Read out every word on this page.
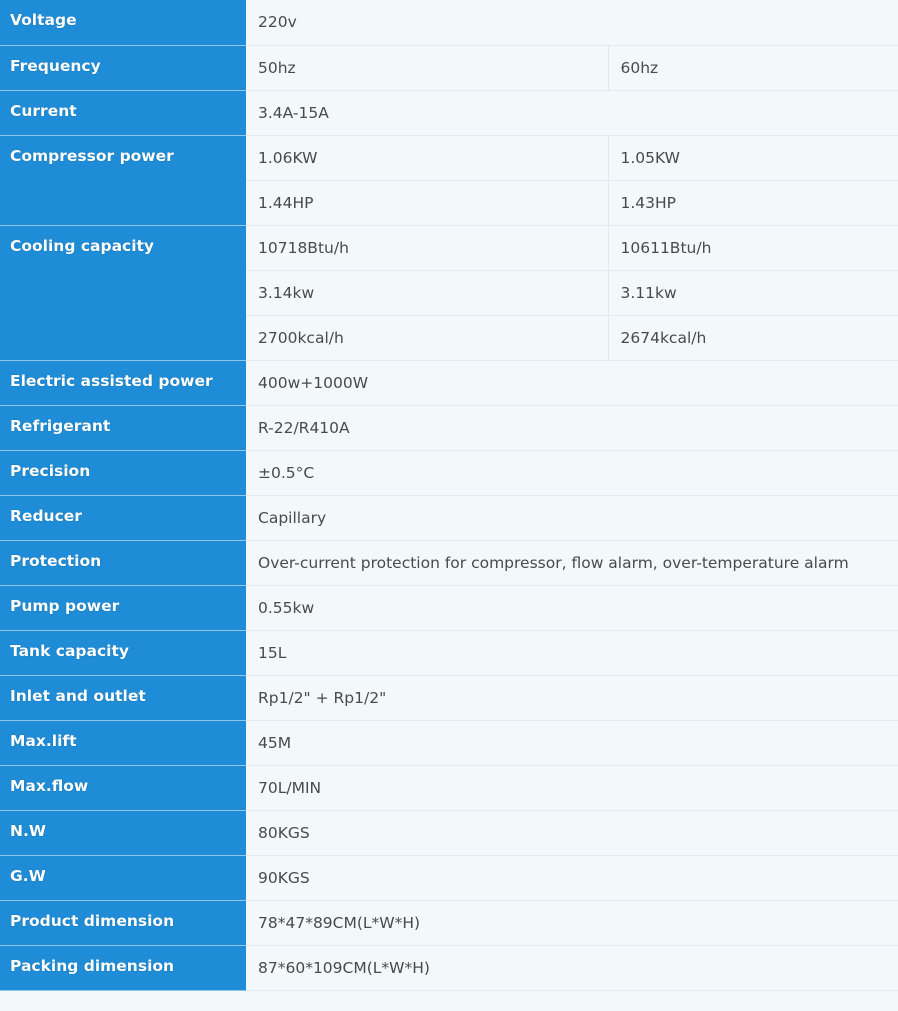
Voltage	220v	
Frequency	50hz	60hz
Current	3.4A-15A	
Compressor power	1.06KW	1.05KW
	1.44HP	1.43HP
Cooling capacity	10718Btu/h	10611Btu/h
	3.14kw	3.11kw
	2700kcal/h	2674kcal/h
Electric assisted power	400w+1000W	
Refrigerant	R-22/R410A	
Precision	±0.5°C	
Reducer	Capillary	
Protection	Over-current protection for compressor, flow alarm, over-temperature alarm	
Pump power	0.55kw	
Tank capacity	15L	
Inlet and outlet	Rp1/2" + Rp1/2"	
Max.lift	45M	
Max.flow	70L/MIN	
N.W	80KGS	
G.W	90KGS	
Product dimension	78*47*89CM(L*W*H)	
Packing dimension	87*60*109CM(L*W*H)	
